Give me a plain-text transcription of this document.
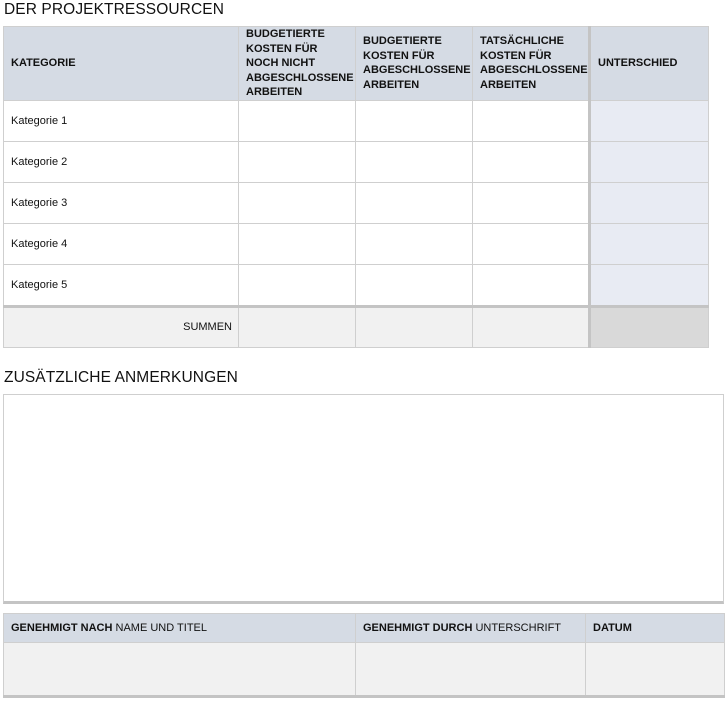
DER PROJEKTRESSOURCEN
KATEGORIE	BUDGETIERTE KOSTEN FÜR NOCH NICHT ABGESCHLOSSENE ARBEITEN	BUDGETIERTE KOSTEN FÜR ABGESCHLOSSENE ARBEITEN	TATSÄCHLICHE KOSTEN FÜR ABGESCHLOSSENE ARBEITEN	UNTERSCHIED
Kategorie 1				
Kategorie 2				
Kategorie 3				
Kategorie 4				
Kategorie 5				
SUMMEN				
ZUSÄTZLICHE ANMERKUNGEN
GENEHMIGT NACH NAME UND TITEL	GENEHMIGT DURCH UNTERSCHRIFT	DATUM
